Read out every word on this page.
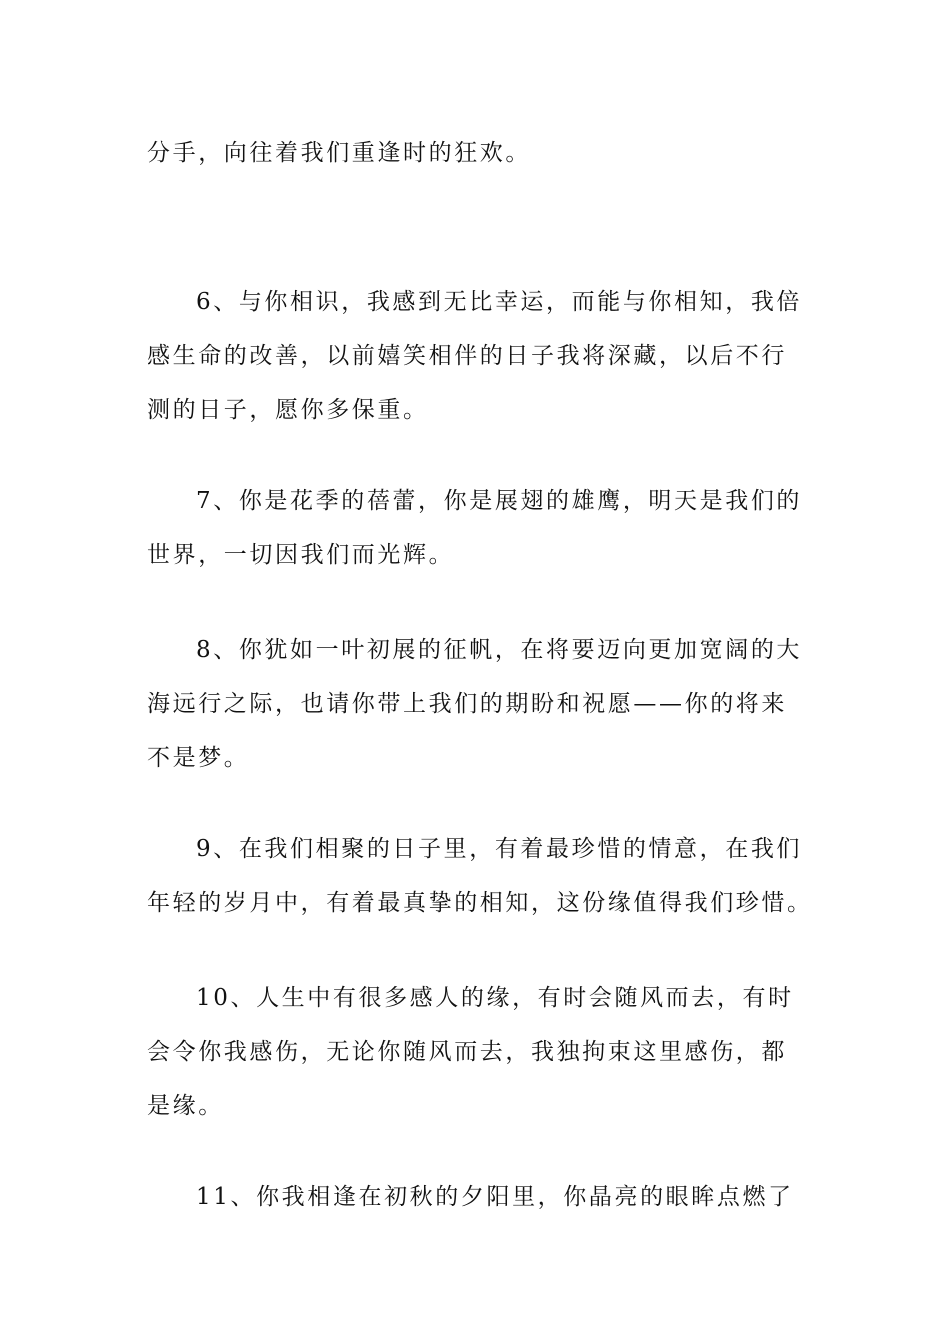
分手，向往着我们重逢时的狂欢。

6、与你相识，我感到无比幸运，而能与你相知，我倍
感生命的改善，以前嬉笑相伴的日子我将深藏，以后不行
测的日子，愿你多保重。

7、你是花季的蓓蕾，你是展翅的雄鹰，明天是我们的
世界，一切因我们而光辉。

8、你犹如一叶初展的征帆，在将要迈向更加宽阔的大
海远行之际，也请你带上我们的期盼和祝愿——你的将来
不是梦。

9、在我们相聚的日子里，有着最珍惜的情意，在我们
年轻的岁月中，有着最真挚的相知，这份缘值得我们珍惜。

10、人生中有很多感人的缘，有时会随风而去，有时
会令你我感伤，无论你随风而去，我独拘束这里感伤，都
是缘。

11、你我相逢在初秋的夕阳里，你晶亮的眼眸点燃了
